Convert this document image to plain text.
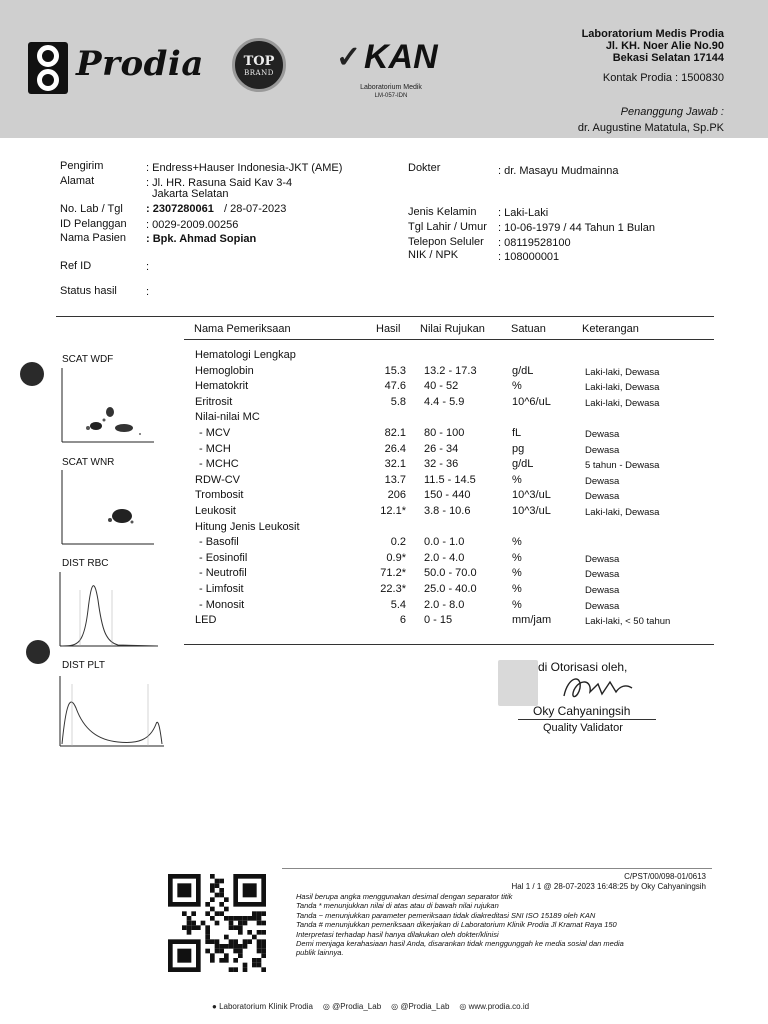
Prodia	TOP
BRAND	✓ KAN
Laboratorium Medik
LM-057-IDN
Laboratorium Medis Prodia
Jl. KH. Noer Alie No.90
Bekasi Selatan 17144
Kontak Prodia : 1500830
Penanggung Jawab :
dr. Augustine Matatula, Sp.PK
Pengirim	: Endress+Hauser Indonesia-JKT (AME)
Alamat	: Jl. HR. Rasuna Said Kav 3-4
Jakarta Selatan
No. Lab / Tgl : 2307280061 / 28-07-2023
ID Pelanggan : 0029-2009.00256
Nama Pasien : Bpk. Ahmad Sopian
Ref ID	:
Status hasil	:
Dokter	: dr. Masayu Mudmainna
Jenis Kelamin : Laki-Laki
Tgl Lahir / Umur : 10-06-1979 / 44 Tahun 1 Bulan
Telepon Seluler : 08119528100
NIK / NPK	: 108000001
Nama Pemeriksaan	Hasil Nilai Rujukan Satuan	Keterangan
Hematologi Lengkap
Hemoglobin	15.3 13.2 - 17.3	g/dL	Laki-laki, Dewasa
Hematokrit	47.6 40 - 52	%	Laki-laki, Dewasa
Eritrosit	5.8 4.4 - 5.9	10^6/uL	Laki-laki, Dewasa
Nilai-nilai MC
- MCV	82.1 80 - 100	fL	Dewasa
- MCH	26.4 26 - 34	pg	Dewasa
- MCHC	32.1 32 - 36	g/dL	5 tahun - Dewasa
RDW-CV	13.7 11.5 - 14.5	%	Dewasa
Trombosit	206 150 - 440	10^3/uL	Dewasa
Leukosit	12.1* 3.8 - 10.6	10^3/uL	Laki-laki, Dewasa
Hitung Jenis Leukosit
- Basofil	0.2 0.0 - 1.0	%
- Eosinofil	0.9* 2.0 - 4.0	%	Dewasa
- Neutrofil	71.2* 50.0 - 70.0	%	Dewasa
- Limfosit	22.3* 25.0 - 40.0	%	Dewasa
- Monosit	5.4 2.0 - 8.0	%	Dewasa
LED	6 0 - 15	mm/jam	Laki-laki, < 50 tahun
SCAT WDF
SCAT WNR
DIST RBC
DIST PLT	di Otorisasi oleh,
Oky Cahyaningsih
Quality Validator
C/PST/00/098-01/0613
Hal 1 / 1 @ 28-07-2023 16:48:25 by Oky Cahyaningsih
Hasil berupa angka menggunakan desimal dengan separator titik
Tanda * menunjukkan nilai di atas atau di bawah nilai rujukan
Tanda ~ menunjukkan parameter pemeriksaan tidak diakreditasi SNI ISO 15189 oleh KAN
Tanda # menunjukkan pemeriksaan dikerjakan di Laboratorium Klinik Prodia Jl Kramat Raya 150
Interpretasi terhadap hasil hanya dilakukan oleh dokter/klinisi
Demi menjaga kerahasiaan hasil Anda, disarankan tidak menggunggah ke media sosial dan media
publik lainnya.
● Laboratorium Klinik Prodia ◎ @Prodia_Lab ◎ @Prodia_Lab ◎ www.prodia.co.id
